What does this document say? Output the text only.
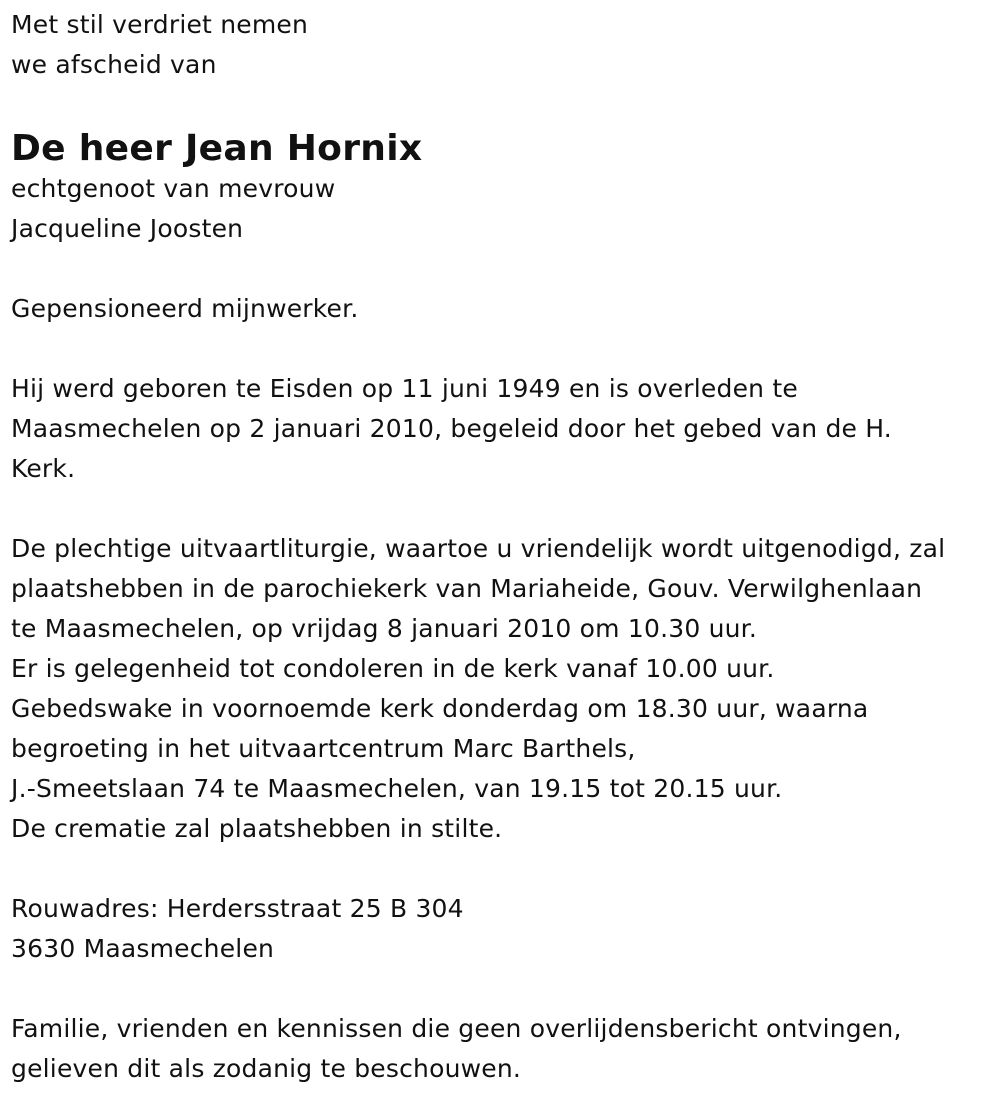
Met stil verdriet nemen
we afscheid van
De heer Jean Hornix
echtgenoot van mevrouw
Jacqueline Joosten
Gepensioneerd mijnwerker.
Hij werd geboren te Eisden op 11 juni 1949 en is overleden te
Maasmechelen op 2 januari 2010, begeleid door het gebed van de H.
Kerk.
De plechtige uitvaartliturgie, waartoe u vriendelijk wordt uitgenodigd, zal
plaatshebben in de parochiekerk van Mariaheide, Gouv. Verwilghenlaan
te Maasmechelen, op vrijdag 8 januari 2010 om 10.30 uur.
Er is gelegenheid tot condoleren in de kerk vanaf 10.00 uur.
Gebedswake in voornoemde kerk donderdag om 18.30 uur, waarna
begroeting in het uitvaartcentrum Marc Barthels,
J.-Smeetslaan 74 te Maasmechelen, van 19.15 tot 20.15 uur.
De crematie zal plaatshebben in stilte.
Rouwadres: Herdersstraat 25 B 304
3630 Maasmechelen
Familie, vrienden en kennissen die geen overlijdensbericht ontvingen,
gelieven dit als zodanig te beschouwen.
